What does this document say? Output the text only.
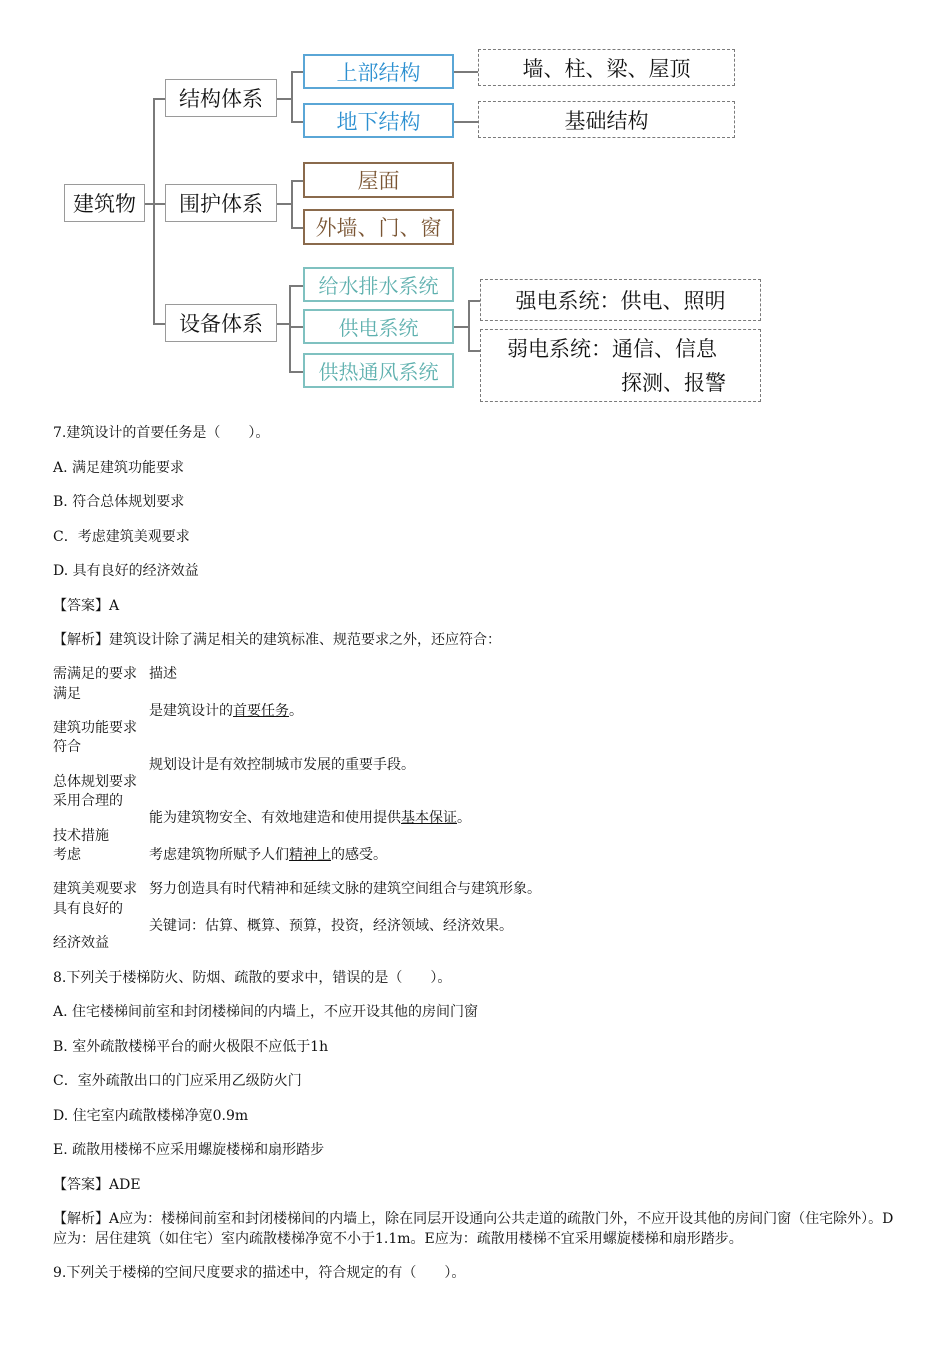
建筑物
结构体系
上部结构
地下结构
墙、柱、梁、屋顶
基础结构
围护体系
屋面
外墙、门、窗
设备体系
给水排水系统
供电系统
供热通风系统
强电系统：供电、照明
弱电系统：通信、信息
探测、报警
7.建筑设计的首要任务是（　　）。
A. 满足建筑功能要求
B. 符合总体规划要求
C．考虑建筑美观要求
D. 具有良好的经济效益
【答案】A
【解析】建筑设计除了满足相关的建筑标准、规范要求之外，还应符合：
需满足的要求 描述
满足
建筑功能要求
是建筑设计的首要任务。
符合
总体规划要求
规划设计是有效控制城市发展的重要手段。
采用合理的
技术措施
能为建筑物安全、有效地建造和使用提供基本保证。
考虑
建筑美观要求
考虑建筑物所赋予人们精神上的感受。
努力创造具有时代精神和延续文脉的建筑空间组合与建筑形象。
具有良好的
经济效益
关键词：估算、概算、预算，投资，经济领域、经济效果。
8.下列关于楼梯防火、防烟、疏散的要求中，错误的是（　　）。
A. 住宅楼梯间前室和封闭楼梯间的内墙上，不应开设其他的房间门窗
B. 室外疏散楼梯平台的耐火极限不应低于1h
C．室外疏散出口的门应采用乙级防火门
D. 住宅室内疏散楼梯净宽0.9m
E. 疏散用楼梯不应采用螺旋楼梯和扇形踏步
【答案】ADE
【解析】A应为：楼梯间前室和封闭楼梯间的内墙上，除在同层开设通向公共走道的疏散门外，不应开设其他的房间门窗（住宅除外）。D应为：居住建筑（如住宅）室内疏散楼梯净宽不小于1.1m。E应为：疏散用楼梯不宜采用螺旋楼梯和扇形踏步。
9.下列关于楼梯的空间尺度要求的描述中，符合规定的有（　　）。
